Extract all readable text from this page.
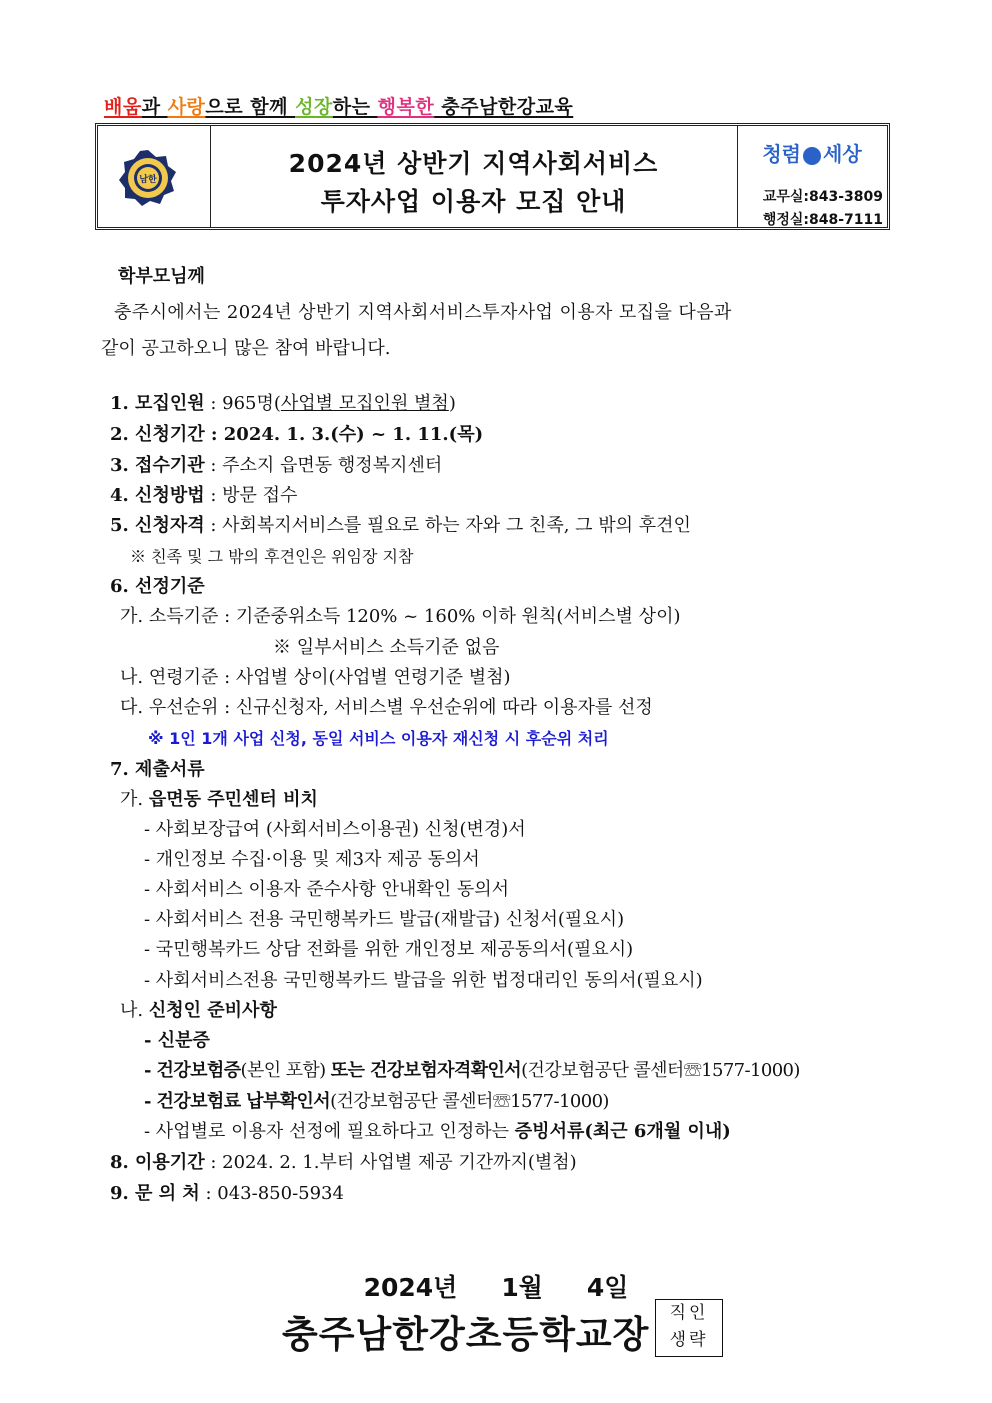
배움과 사랑으로 함께 성장하는 행복한 충주남한강교육
남한
2024년 상반기 지역사회서비스
투자사업 이용자 모집 안내
청렴 세상
교무실:843-3809
행정실:848-7111
학부모님께
충주시에서는 2024년 상반기 지역사회서비스투자사업 이용자 모집을 다음과
같이 공고하오니 많은 참여 바랍니다.
1. 모집인원 : 965명(사업별 모집인원 별첨)
2. 신청기간 : 2024. 1. 3.(수) ~ 1. 11.(목)
3. 접수기관 : 주소지 읍면동 행정복지센터
4. 신청방법 : 방문 접수
5. 신청자격 : 사회복지서비스를 필요로 하는 자와 그 친족, 그 밖의 후견인
※ 친족 및 그 밖의 후견인은 위임장 지참
6. 선정기준
가. 소득기준 : 기준중위소득 120% ~ 160% 이하 원칙(서비스별 상이)
※ 일부서비스 소득기준 없음
나. 연령기준 : 사업별 상이(사업별 연령기준 별첨)
다. 우선순위 : 신규신청자, 서비스별 우선순위에 따라 이용자를 선정
※ 1인 1개 사업 신청, 동일 서비스 이용자 재신청 시 후순위 처리
7. 제출서류
가. 읍면동 주민센터 비치
- 사회보장급여 (사회서비스이용권) 신청(변경)서
- 개인정보 수집·이용 및 제3자 제공 동의서
- 사회서비스 이용자 준수사항 안내확인 동의서
- 사회서비스 전용 국민행복카드 발급(재발급) 신청서(필요시)
- 국민행복카드 상담 전화를 위한 개인정보 제공동의서(필요시)
- 사회서비스전용 국민행복카드 발급을 위한 법정대리인 동의서(필요시)
나. 신청인 준비사항
- 신분증
- 건강보험증(본인 포함) 또는 건강보험자격확인서(건강보험공단 콜센터☏1577-1000)
- 건강보험료 납부확인서(건강보험공단 콜센터☏1577-1000)
- 사업별로 이용자 선정에 필요하다고 인정하는 증빙서류(최근 6개월 이내)
8. 이용기간 : 2024. 2. 1.부터 사업별 제공 기간까지(별첨)
9. 문 의 처 : 043-850-5934
2024년 1월 4일
충주남한강초등학교장	직인
생략
